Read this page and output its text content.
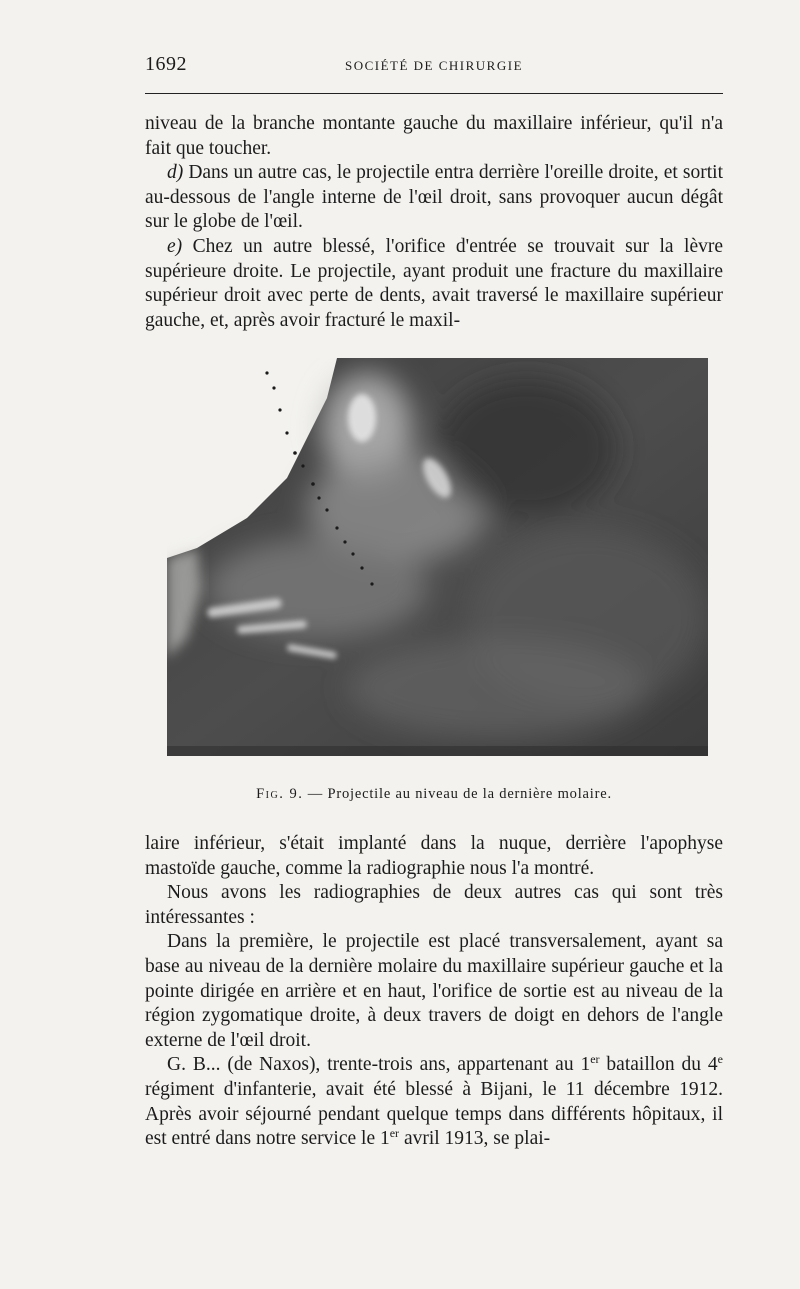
1692	SOCIÉTÉ DE CHIRURGIE

niveau de la branche montante gauche du maxillaire inférieur, qu'il n'a fait que toucher.

d) Dans un autre cas, le projectile entra derrière l'oreille droite, et sortit au-dessous de l'angle interne de l'œil droit, sans provoquer aucun dégât sur le globe de l'œil.

e) Chez un autre blessé, l'orifice d'entrée se trouvait sur la lèvre supérieure droite. Le projectile, ayant produit une fracture du maxillaire supérieur droit avec perte de dents, avait traversé le maxillaire supérieur gauche, et, après avoir fracturé le maxil-

Fig. 9. — Projectile au niveau de la dernière molaire.

laire inférieur, s'était implanté dans la nuque, derrière l'apophyse mastoïde gauche, comme la radiographie nous l'a montré.

Nous avons les radiographies de deux autres cas qui sont très intéressantes :

Dans la première, le projectile est placé transversalement, ayant sa base au niveau de la dernière molaire du maxillaire supérieur gauche et la pointe dirigée en arrière et en haut, l'orifice de sortie est au niveau de la région zygomatique droite, à deux travers de doigt en dehors de l'angle externe de l'œil droit.

G. B... (de Naxos), trente-trois ans, appartenant au 1er bataillon du 4e régiment d'infanterie, avait été blessé à Bijani, le 11 décembre 1912. Après avoir séjourné pendant quelque temps dans différents hôpitaux, il est entré dans notre service le 1er avril 1913, se plai-
